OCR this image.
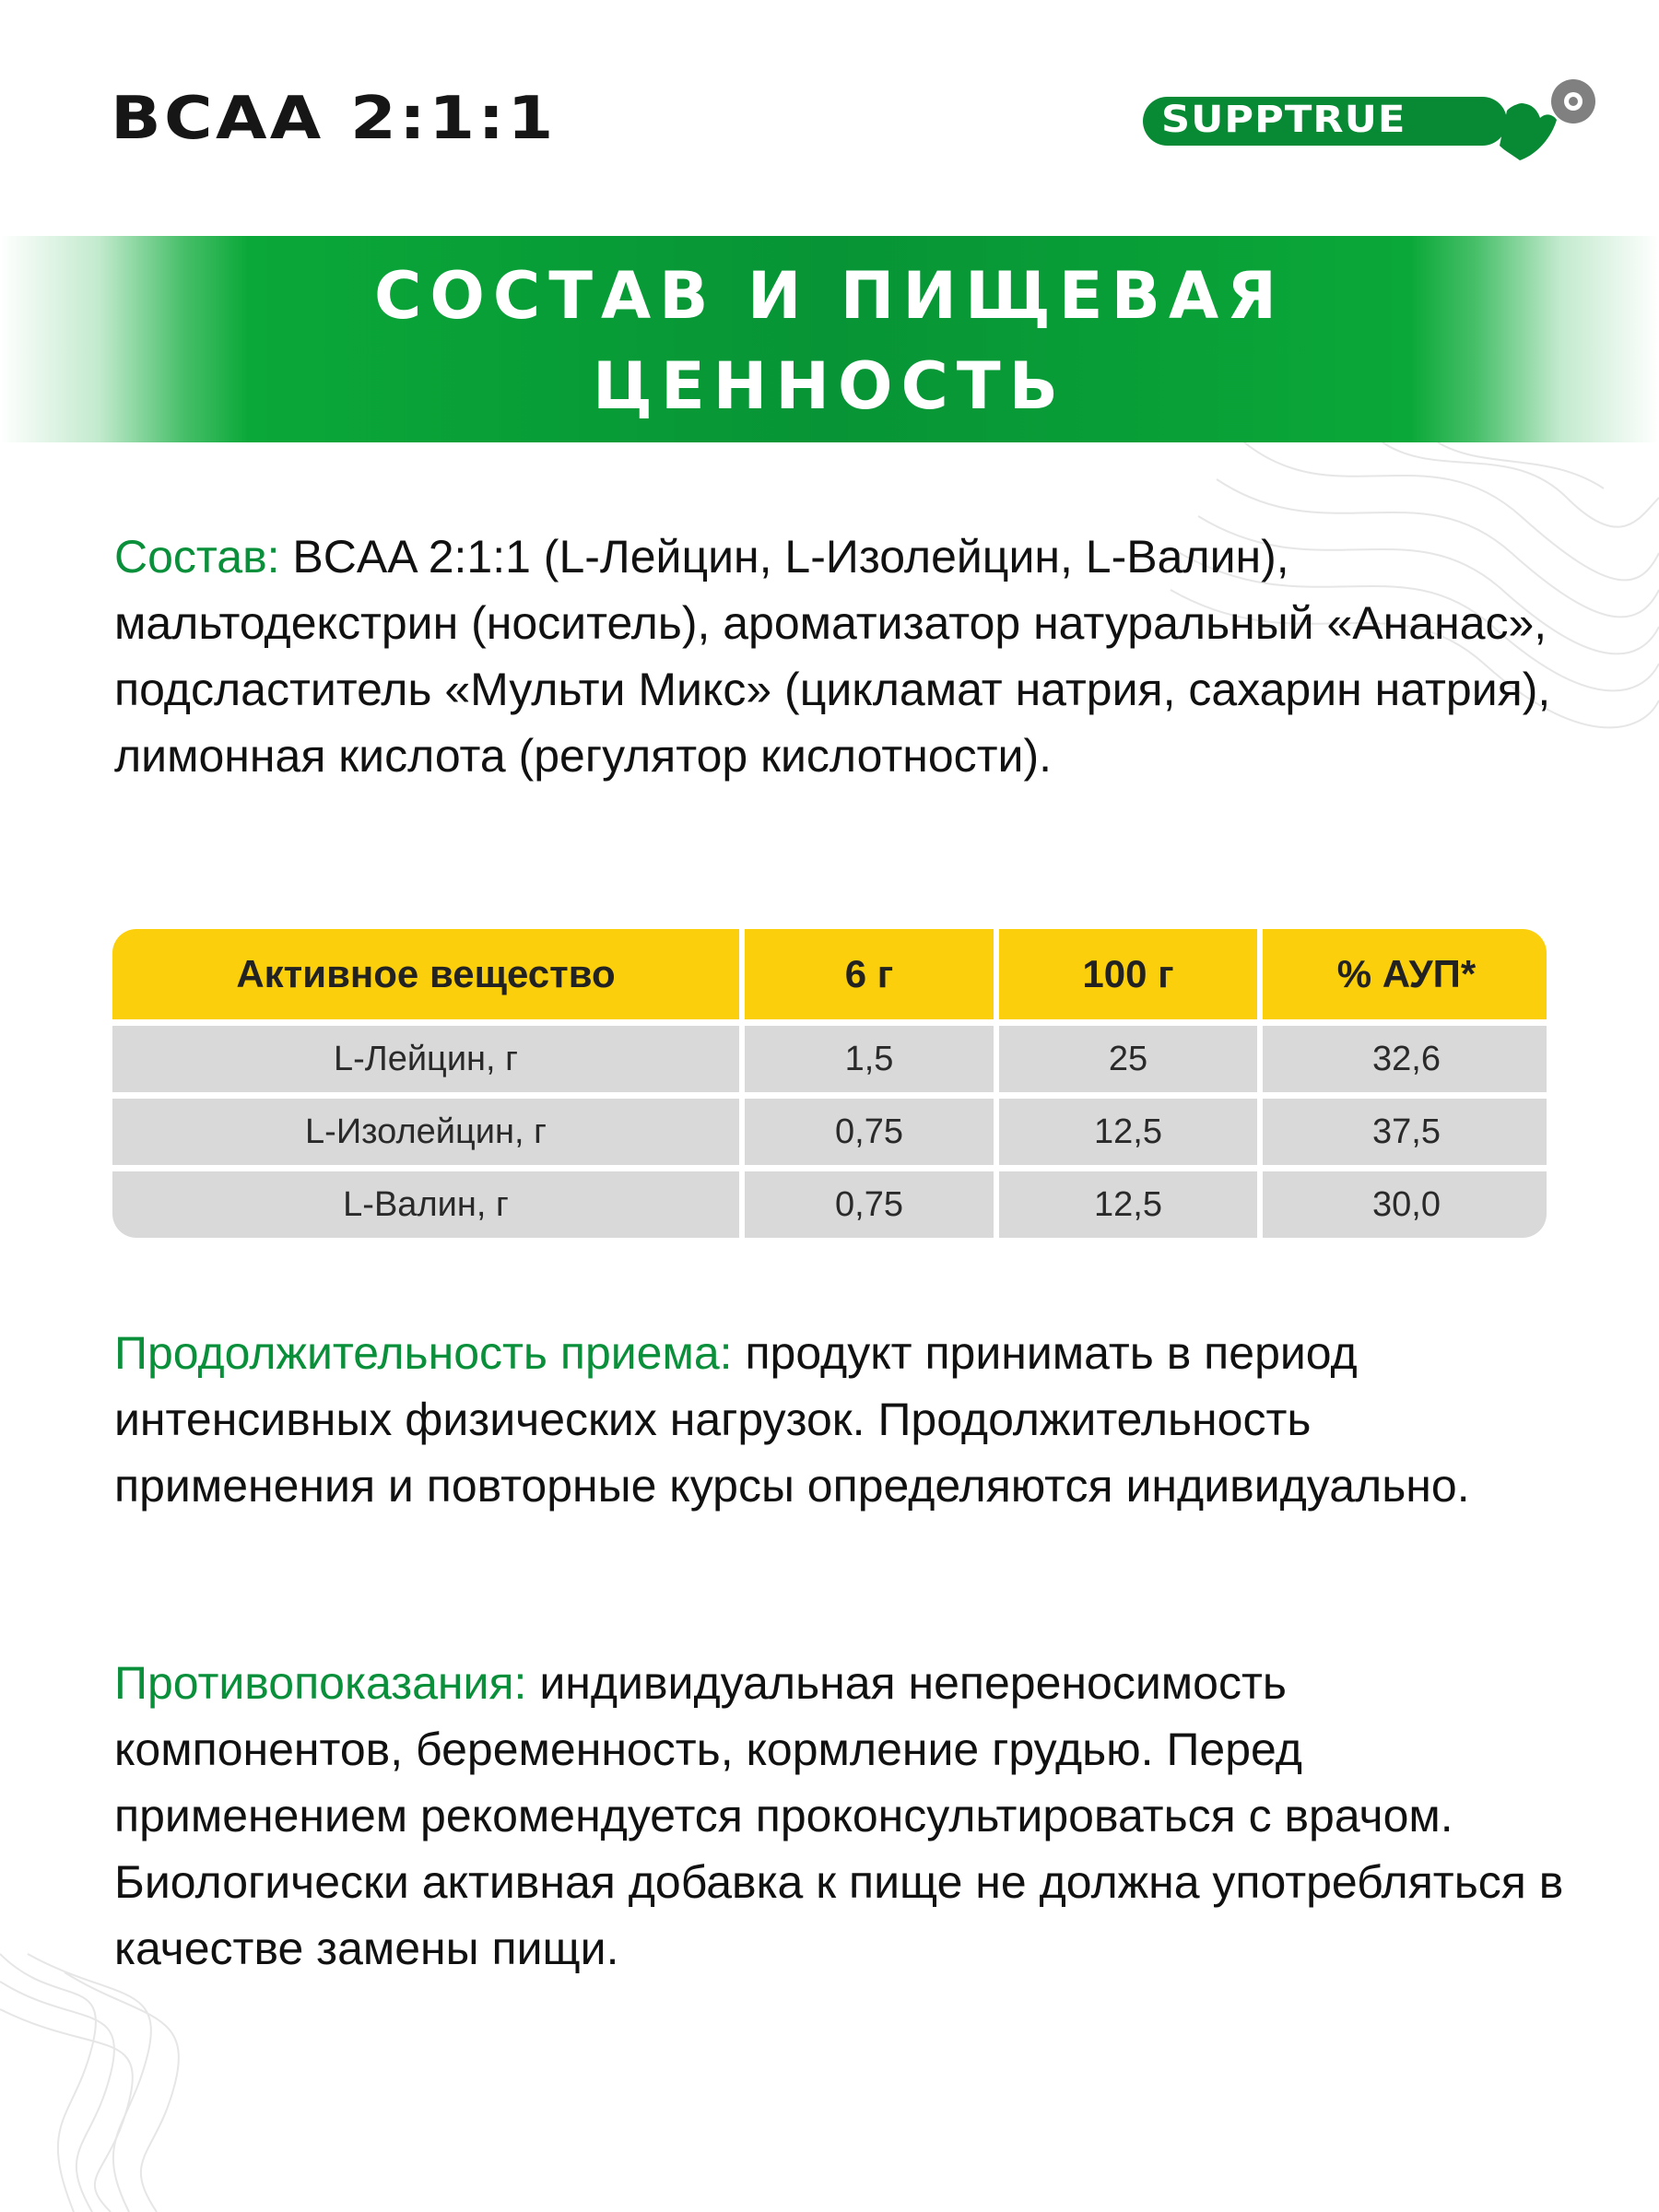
BCAA 2:1:1	SUPPTRUE
СОСТАВ И ПИЩЕВАЯ
ЦЕННОСТЬ
Состав: BCAA 2:1:1 (L-Лейцин, L-Изолейцин, L-Валин), мальтодекстрин (носитель), ароматизатор натуральный «Ананас», подсластитель «Мульти Микс» (цикламат натрия, сахарин натрия), лимонная кислота (регулятор кислотности).
Активное вещество	6 г	100 г	% АУП*
L-Лейцин, г	1,5	25	32,6
L-Изолейцин, г	0,75	12,5	37,5
L-Валин, г	0,75	12,5	30,0
Продолжительность приема: продукт принимать в период интенсивных физических нагрузок. Продолжительность применения и повторные курсы определяются индивидуально.
Противопоказания: индивидуальная непереносимость компонентов, беременность, кормление грудью. Перед применением рекомендуется проконсультироваться с врачом. Биологически активная добавка к пище не должна употребляться в качестве замены пищи.
